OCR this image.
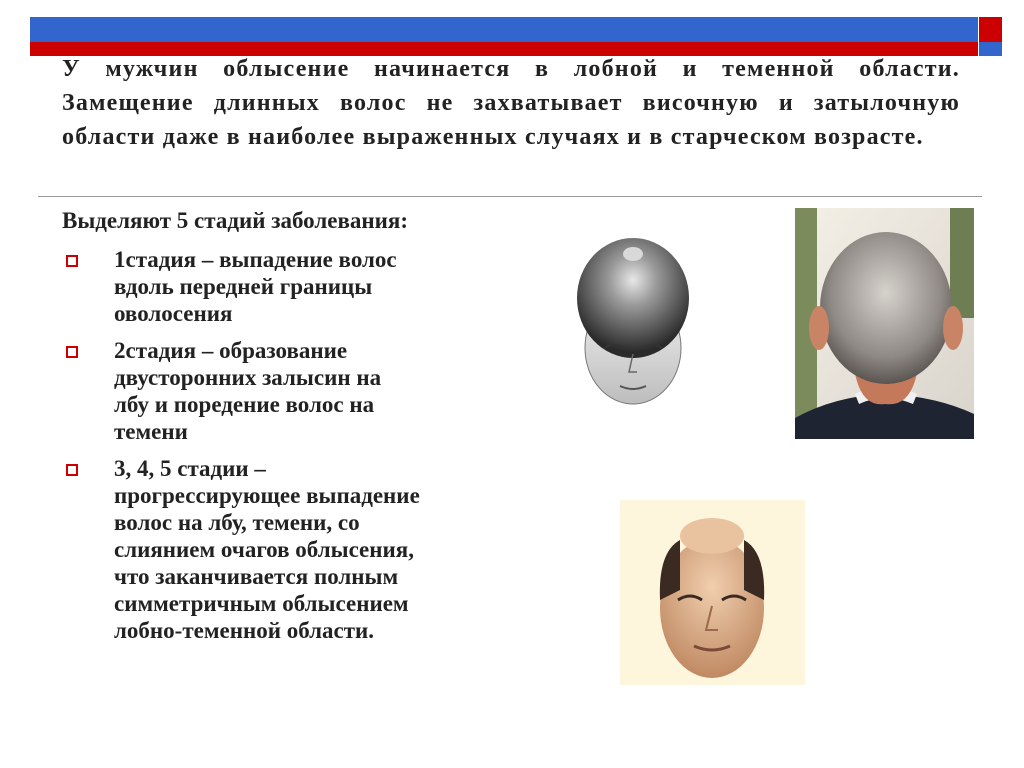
У мужчин облысение начинается в лобной и теменной области. Замещение длинных волос не захватывает височную и затылочную области даже в наиболее выраженных случаях и в старческом возрасте.
Выделяют 5 стадий заболевания:
1стадия – выпадение волос
вдоль передней границы
оволосения
2стадия – образование
двусторонних залысин на
лбу и поредение волос на
темени
3, 4, 5 стадии –
прогрессирующее выпадение
волос на лбу, темени, со
слиянием очагов облысения,
что заканчивается полным
симметричным облысением
лобно-теменной области.
